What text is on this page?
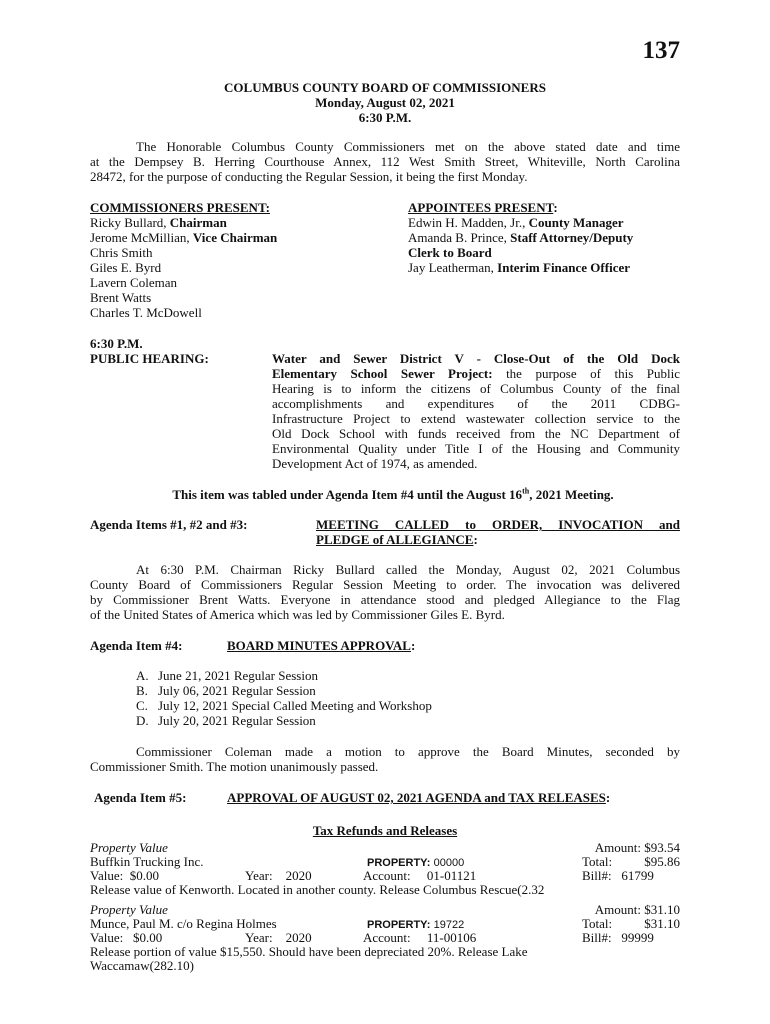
137
COLUMBUS COUNTY BOARD OF COMMISSIONERS
Monday, August 02, 2021
6:30 P.M.
The Honorable Columbus County Commissioners met on the above stated date and time
at the Dempsey B. Herring Courthouse Annex, 112 West Smith Street, Whiteville, North Carolina
28472, for the purpose of conducting the Regular Session, it being the first Monday.
COMMISSIONERS PRESENT:
Ricky Bullard, Chairman
Jerome McMillian, Vice Chairman
Chris Smith
Giles E. Byrd
Lavern Coleman
Brent Watts
Charles T. McDowell
APPOINTEES PRESENT:
Edwin H. Madden, Jr., County Manager
Amanda B. Prince, Staff Attorney/Deputy
Clerk to Board
Jay Leatherman, Interim Finance Officer
6:30 P.M.
PUBLIC HEARING:	Water and Sewer District V - Close-Out of the Old Dock
Elementary School Sewer Project: the purpose of this Public
Hearing is to inform the citizens of Columbus County of the final
accomplishments and expenditures of the 2011 CDBG-
Infrastructure Project to extend wastewater collection service to the
Old Dock School with funds received from the NC Department of
Environmental Quality under Title I of the Housing and Community
Development Act of 1974, as amended.
This item was tabled under Agenda Item #4 until the August 16th, 2021 Meeting.
Agenda Items #1, #2 and #3:	MEETING CALLED to ORDER, INVOCATION and
PLEDGE of ALLEGIANCE:
At 6:30 P.M. Chairman Ricky Bullard called the Monday, August 02, 2021 Columbus
County Board of Commissioners Regular Session Meeting to order. The invocation was delivered
by Commissioner Brent Watts. Everyone in attendance stood and pledged Allegiance to the Flag
of the United States of America which was led by Commissioner Giles E. Byrd.
Agenda Item #4:	BOARD MINUTES APPROVAL:
A. June 21, 2021 Regular Session
B. July 06, 2021 Regular Session
C. July 12, 2021 Special Called Meeting and Workshop
D. July 20, 2021 Regular Session
Commissioner Coleman made a motion to approve the Board Minutes, seconded by
Commissioner Smith. The motion unanimously passed.
Agenda Item #5:	APPROVAL OF AUGUST 02, 2021 AGENDA and TAX RELEASES:
Tax Refunds and Releases
Property Value	Amount: $93.54
Buffkin Trucking Inc.	PROPERTY: 00000	Total:	$95.86
Value: $0.00	Year: 2020	Account: 01-01121	Bill#: 61799
Release value of Kenworth. Located in another county. Release Columbus Rescue(2.32
Property Value	Amount: $31.10
Munce, Paul M. c/o Regina Holmes	PROPERTY: 19722	Total:	$31.10
Value: $0.00	Year: 2020	Account: 11-00106	Bill#: 99999
Release portion of value $15,550. Should have been depreciated 20%. Release Lake
Waccamaw(282.10)
